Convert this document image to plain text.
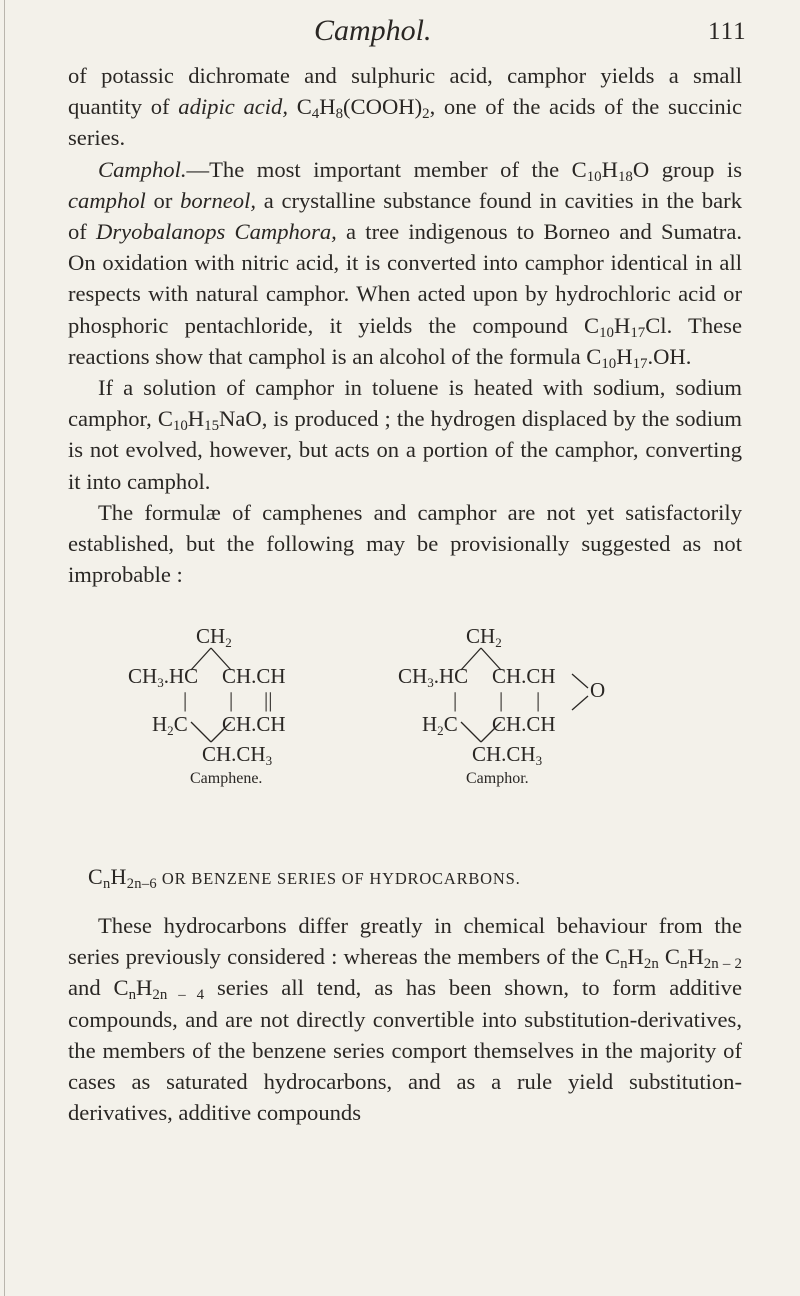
Camphol.	111

of potassic dichromate and sulphuric acid, camphor yields a small quantity of adipic acid, $C_4H_8(COOH)_2$, one of the acids of the succinic series.

Camphol.—The most important member of the $C_{10}H_{18}O$ group is camphol or borneol, a crystalline substance found in cavities in the bark of Dryobalanops Camphora, a tree indigenous to Borneo and Sumatra. On oxidation with nitric acid, it is converted into camphor identical in all respects with natural camphor. When acted upon by hydrochloric acid or phosphoric pentachloride, it yields the compound $C_{10}H_{17}Cl$. These reactions show that camphol is an alcohol of the formula $C_{10}H_{17}.OH$.

If a solution of camphor in toluene is heated with sodium, sodium camphor, $C_{10}H_{15}NaO$, is produced ; the hydrogen displaced by the sodium is not evolved, however, but acts on a portion of the camphor, converting it into camphol.

The formulæ of camphenes and camphor are not yet satisfactorily established, but the following may be provisionally suggested as not improbable :

$CH_2$
$CH_3.HC$ CH.CH
| | ||
$H_2C$ CH.CH
$CH.CH_3$
Camphene.
$CH_2$
$CH_3.HC$ CH.CH
| | |
$H_2C$ CH.CH
O
$CH.CH_3$
Camphor.
$C_nH_{2n-6}$ OR BENZENE SERIES OF HYDROCARBONS.

These hydrocarbons differ greatly in chemical behaviour from the series previously considered : whereas the members of the $C_nH_{2n}$ $C_nH_{2n - 2}$ and $C_nH_{2n - 4}$ series all tend, as has been shown, to form additive compounds, and are not directly convertible into substitution-derivatives, the members of the benzene series comport themselves in the majority of cases as saturated hydrocarbons, and as a rule yield substitution-derivatives, additive compounds
